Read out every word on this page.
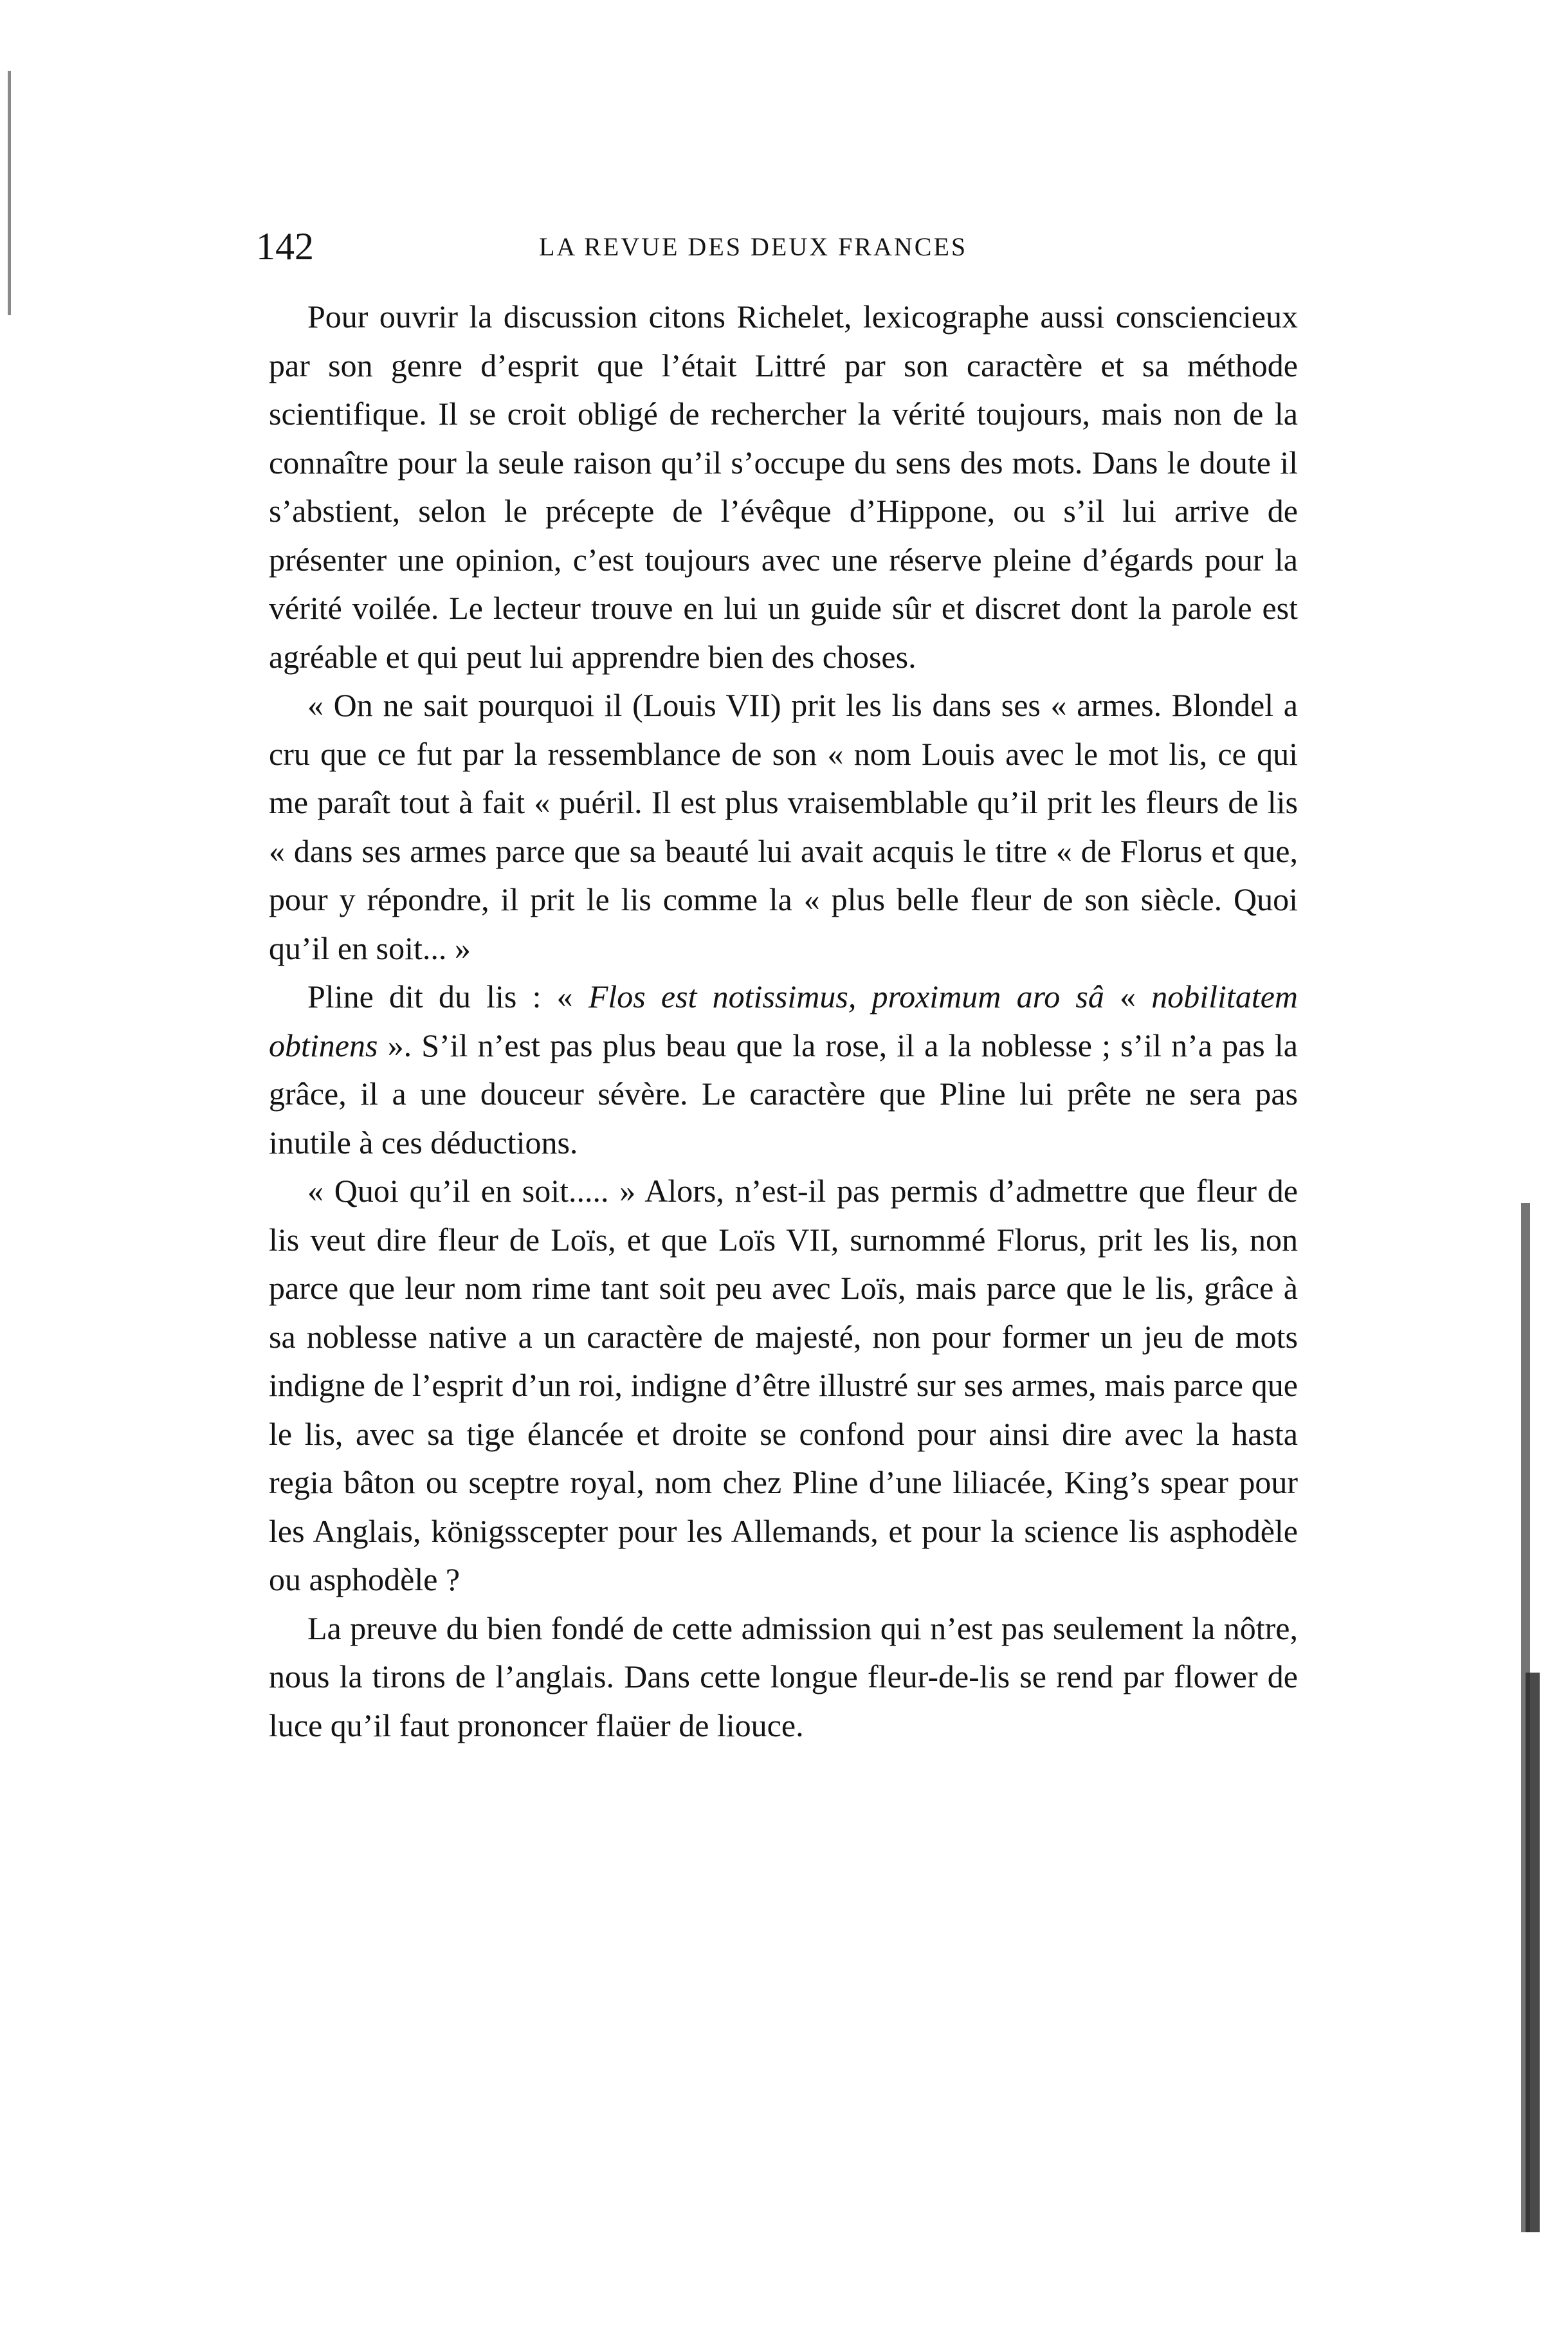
142	LA REVUE DES DEUX FRANCES

Pour ouvrir la discussion citons Richelet, lexicographe aussi consciencieux par son genre d’esprit que l’était Littré par son caractère et sa méthode scientifique. Il se croit obligé de rechercher la vérité toujours, mais non de la connaître pour la seule raison qu’il s’occupe du sens des mots. Dans le doute il s’abstient, selon le précepte de l’évêque d’Hippone, ou s’il lui arrive de présenter une opinion, c’est toujours avec une réserve pleine d’égards pour la vérité voilée. Le lecteur trouve en lui un guide sûr et discret dont la parole est agréable et qui peut lui apprendre bien des choses.

« On ne sait pourquoi il (Louis VII) prit les lis dans ses « armes. Blondel a cru que ce fut par la ressemblance de son « nom Louis avec le mot lis, ce qui me paraît tout à fait « puéril. Il est plus vraisemblable qu’il prit les fleurs de lis « dans ses armes parce que sa beauté lui avait acquis le titre « de Florus et que, pour y répondre, il prit le lis comme la « plus belle fleur de son siècle. Quoi qu’il en soit... »

Pline dit du lis : « Flos est notissimus, proximum aro sâ « nobilitatem obtinens ». S’il n’est pas plus beau que la rose, il a la noblesse ; s’il n’a pas la grâce, il a une douceur sévère. Le caractère que Pline lui prête ne sera pas inutile à ces déductions.

« Quoi qu’il en soit..... » Alors, n’est-il pas permis d’admettre que fleur de lis veut dire fleur de Loïs, et que Loïs VII, surnommé Florus, prit les lis, non parce que leur nom rime tant soit peu avec Loïs, mais parce que le lis, grâce à sa noblesse native a un caractère de majesté, non pour former un jeu de mots indigne de l’esprit d’un roi, indigne d’être illustré sur ses armes, mais parce que le lis, avec sa tige élancée et droite se confond pour ainsi dire avec la hasta regia bâton ou sceptre royal, nom chez Pline d’une liliacée, King’s spear pour les Anglais, königsscepter pour les Allemands, et pour la science lis asphodèle ou asphodèle ?

La preuve du bien fondé de cette admission qui n’est pas seulement la nôtre, nous la tirons de l’anglais. Dans cette longue fleur-de-lis se rend par flower de luce qu’il faut prononcer flaüer de liouce.
